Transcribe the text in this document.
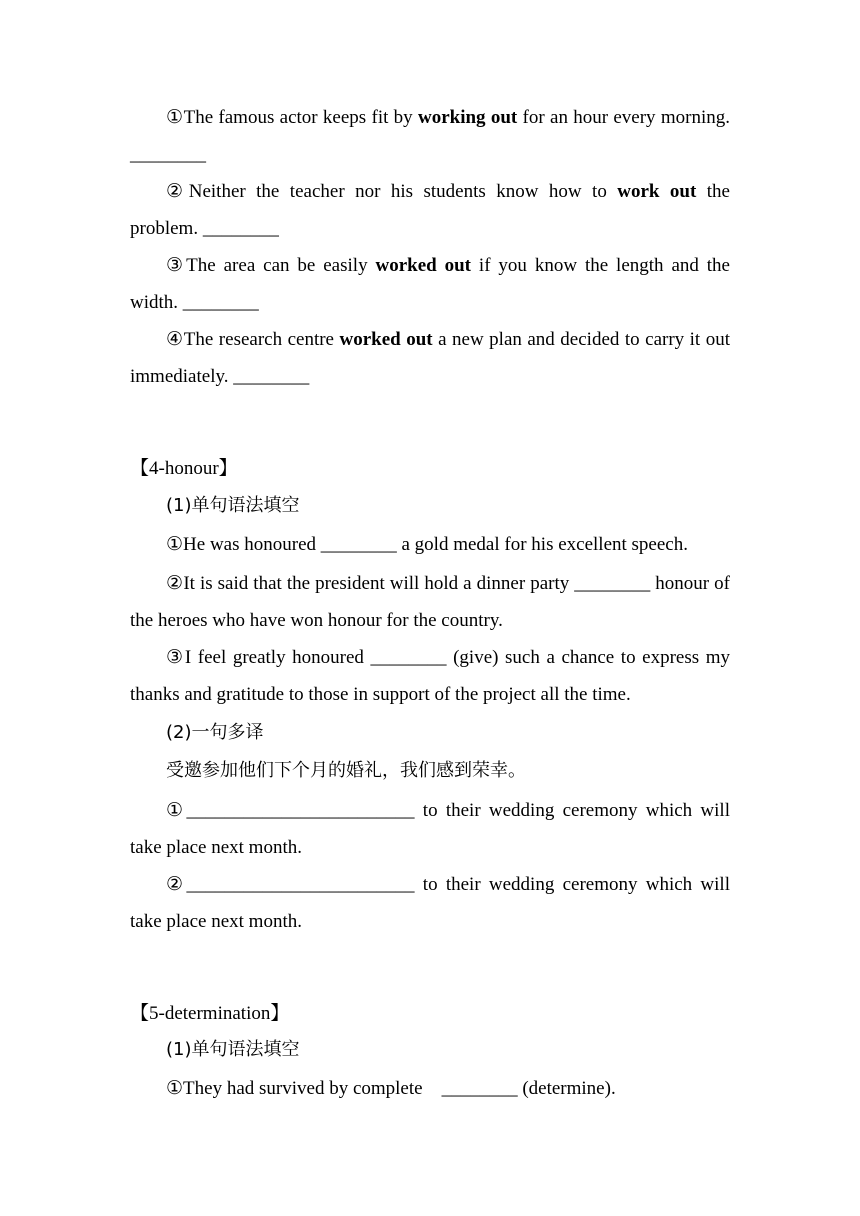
①The famous actor keeps fit by working out for an hour every morning. ________

②Neither the teacher nor his students know how to work out the problem. ________

③The area can be easily worked out if you know the length and the width. ________

④The research centre worked out a new plan and decided to carry it out immediately. ________

【4-honour】

(1)单句语法填空

①He was honoured ________ a gold medal for his excellent speech.

②It is said that the president will hold a dinner party ________ honour of the heroes who have won honour for the country.

③I feel greatly honoured ________ (give) such a chance to express my thanks and gratitude to those in support of the project all the time.

(2)一句多译

受邀参加他们下个月的婚礼，我们感到荣幸。

①________________________ to their wedding ceremony which will take place next month.

②________________________ to their wedding ceremony which will take place next month.

【5-determination】

(1)单句语法填空

①They had survived by complete    ________ (determine).
